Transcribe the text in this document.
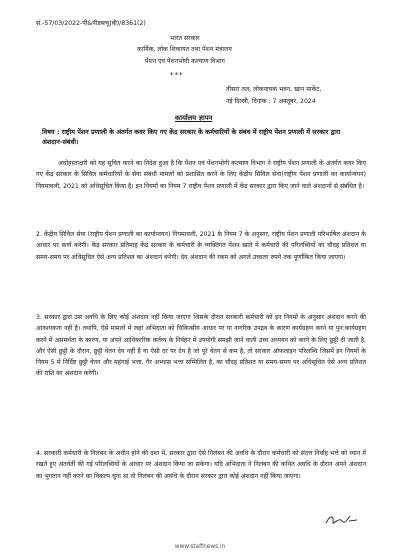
सं.-57/03/2022-पी&पीडब्ल्यू(बी)/8361(2)
भारत सरकार
कार्मिक, लोक शिकायत तथा पेंशन मंत्रालय
पेंशन एवं पेंशनभोगी कल्याण विभाग
***
तीसरा तल, लोकनायक भवन, खान मार्केट,
नई दिल्ली, दिनांक : 7 अक्तूबर, 2024
कार्यालय ज्ञापन
विषय : राष्ट्रीय पेंशन प्रणाली के अंतर्गत कवर किए गए केंद्र सरकार के कर्मचारियों के संबंध में राष्ट्रीय पेंशन प्रणाली में सरकार द्वारा अंशदान-संबंधी।
अधोहस्ताक्षरी को यह सूचित करने का निदेश हुआ है कि पेंशन एवं पेंशनभोगी कल्याण विभाग ने राष्ट्रीय पेंशन प्रणाली के अंतर्गत कवर किए गए केंद्र सरकार के सिविल कर्मचारियों के सेवा संबंधी मामलों को प्रशासित करने के लिए केंद्रीय सिविल सेवा(राष्ट्रीय पेंशन प्रणाली का कार्यान्वयन) नियमावली, 2021 को अधिसूचित किया है। इन नियमों का नियम 7 राष्ट्रीय पेंशन प्रणाली में केंद्र सरकार द्वारा किए जाने वाले अंशदानों से संबंधित है।
2. केंद्रीय सिविल सेवा (राष्ट्रीय पेंशन प्रणाली का कार्यान्वयन) नियमावली, 2021 के नियम 7 के अनुसार, राष्ट्रीय पेंशन प्रणाली परिभाषित अंशदान के आधार पर कार्य करेगी। केंद्र सरकार प्रतिमाह केंद्र सरकार के कर्मचारी के व्यक्तिगत पेंशन खाते में कर्मचारी की परिलब्धियों का चौदह प्रतिशत या समय-समय पर अधिसूचित ऐसे अन्य प्रतिशत का अंशदान करेगी। देय अंशदान की रकम को अगले उच्चतर रुपये तक पूर्णांकित किया जाएगा।
3. सरकार द्वारा उस अवधि के लिए कोई अंशदान नहीं किया जाएगा जिसके दौरान सरकारी कर्मचारी को इन नियमों के अनुसार अंशदान करने की आवश्यकता नहीं है। तथापि, ऐसे मामलों में जहां अभिदाता को चिकित्सीय आधार पर या नागरिक उपद्रव के कारण कार्यग्रहण करने या पुन:कार्यग्रहण करने में असमर्थता के कारण, या अपने आधिकारिक कर्तव्य के निर्वहन में उपयोगी समझी जाने वाली उच्च अध्ययन को करने के लिए छुट्टी दी जाती है, और ऐसी छुट्टी के दौरान, छुट्टी वेतन देय नहीं है या ऐसी दर पर देय है जो पूरे वेतन से कम है, तो सरकार ऑफलाइन परिलब्धि जिसमें इन नियमों के नियम 5 में निर्दिष्ट छुट्टी वेतन और महंगाई भत्ता, गैर अभ्यास भत्ता सम्मिलित है, का चौदह प्रतिशत या समय-समय पर अधिसूचित ऐसे अन्य प्रतिशत की राशि का अंशदान करेगी।
4. सरकारी कर्मचारी के निलंबन के अधीन होने की दशा में, सरकार द्वारा ऐसे निलंबन की अवधि के दौरान कर्मचारी को संदत्त निर्वाह भत्ते को ध्यान में रखते हुए अंतर्वर्ती की गई परिलब्धियों के आधार पर अंशदान किया जा सकेगा। यदि अभिदाता ने निलंबन की कथित अवधि के दौरान अपने अंशदान का भुगतान नहीं करने का विकल्प चुना था तो निलंबन की अवधि के दौरान सरकार द्वारा कोई अंशदान नहीं किया जाएगा।
www.staffnews.in
